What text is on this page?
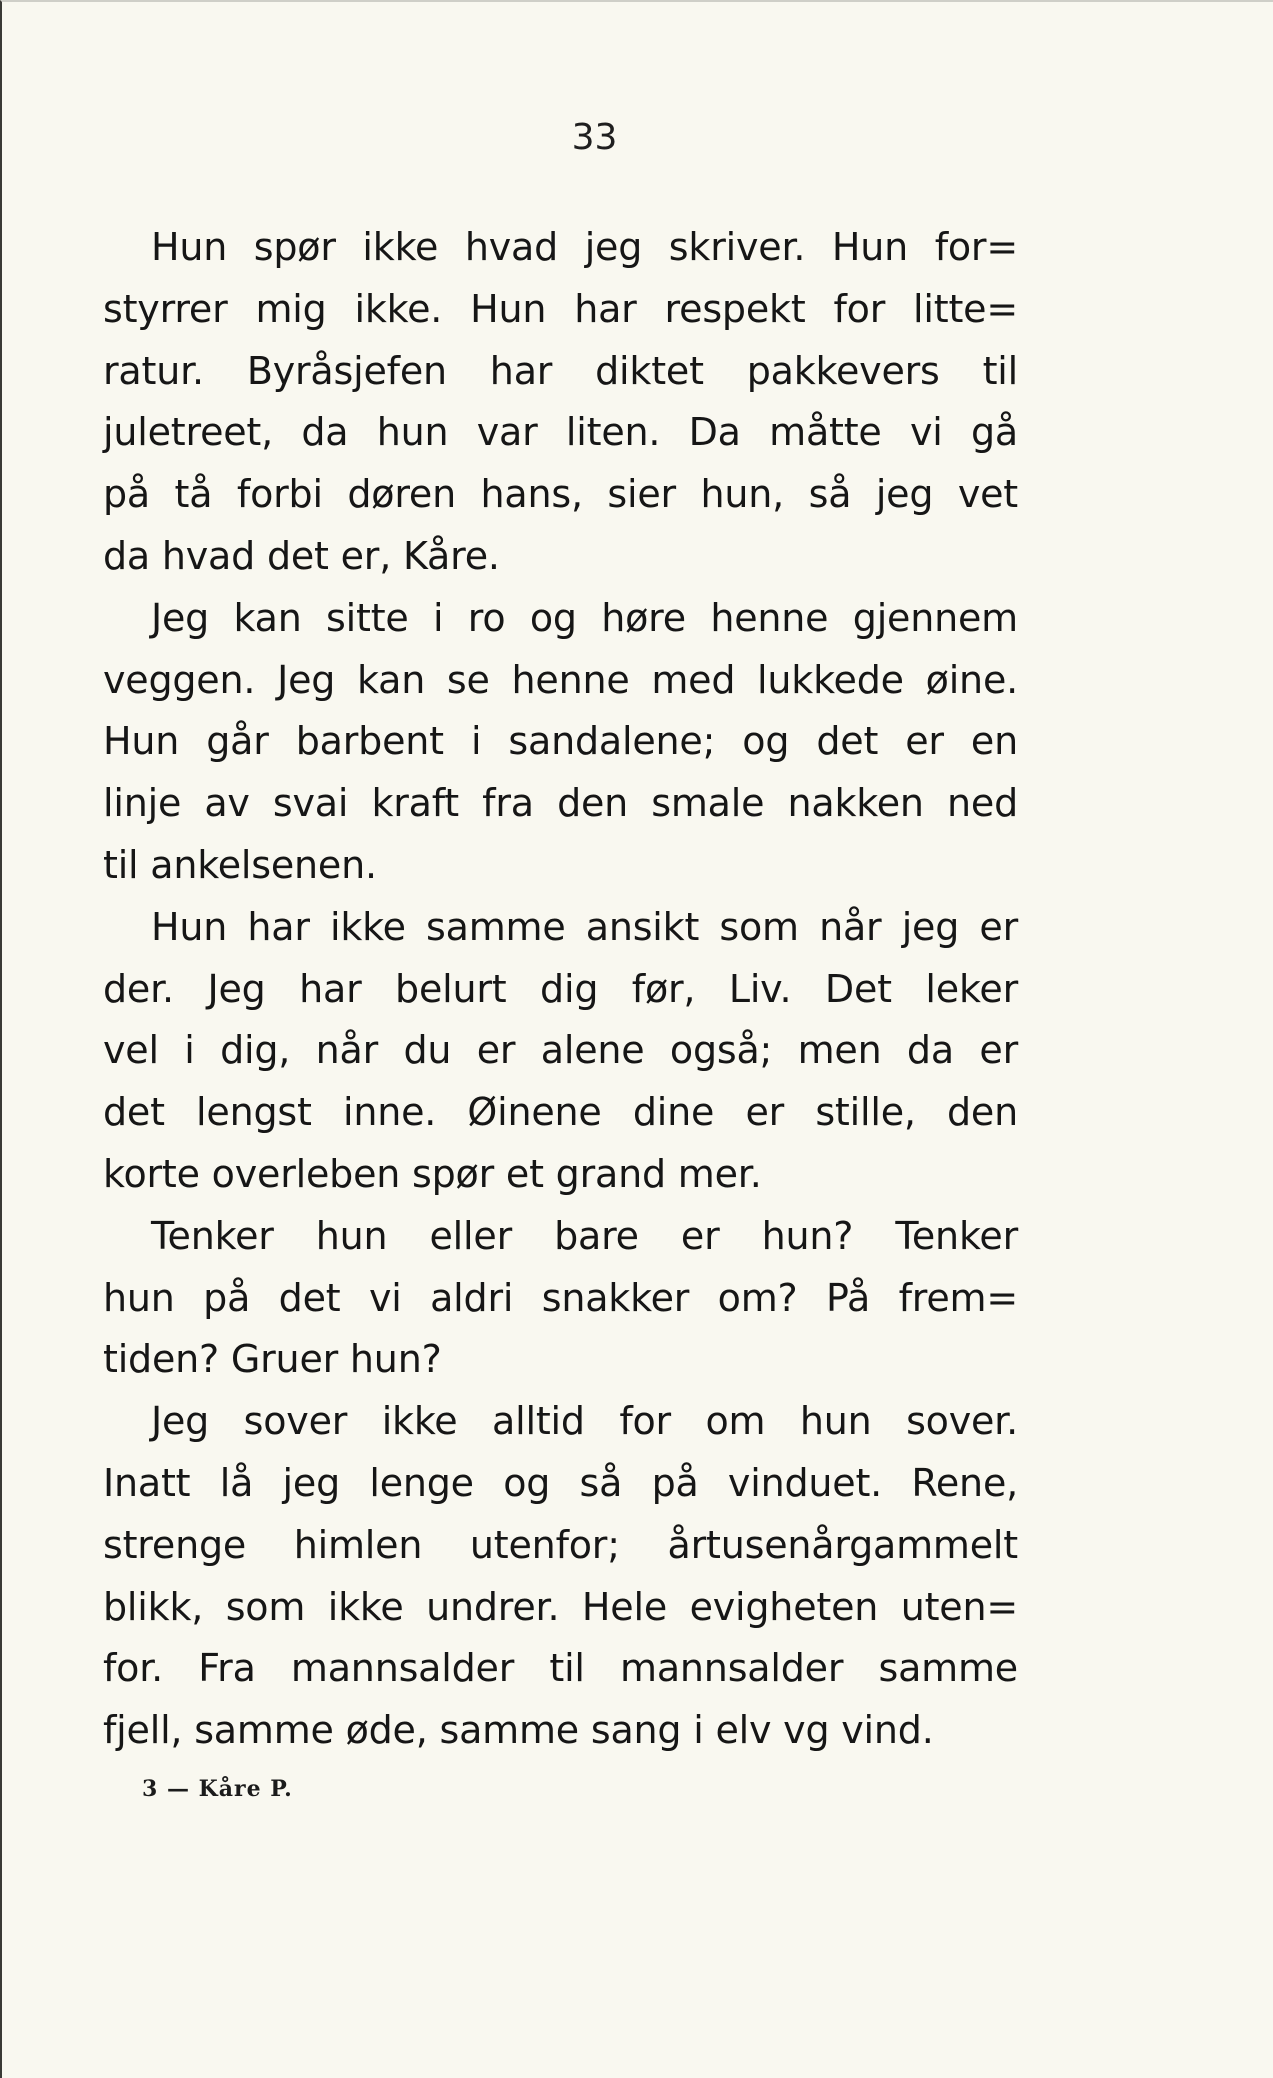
33
Hun spør ikke hvad jeg skriver. Hun for=
styrrer mig ikke. Hun har respekt for litte=
ratur. Byråsjefen har diktet pakkevers til
juletreet, da hun var liten. Da måtte vi gå
på tå forbi døren hans, sier hun, så jeg vet
da hvad det er, Kåre.
Jeg kan sitte i ro og høre henne gjennem
veggen. Jeg kan se henne med lukkede øine.
Hun går barbent i sandalene; og det er en
linje av svai kraft fra den smale nakken ned
til ankelsenen.
Hun har ikke samme ansikt som når jeg er
der. Jeg har belurt dig før, Liv. Det leker
vel i dig, når du er alene også; men da er
det lengst inne. Øinene dine er stille, den
korte overleben spør et grand mer.
Tenker hun eller bare er hun? Tenker
hun på det vi aldri snakker om? På frem=
tiden? Gruer hun?
Jeg sover ikke alltid for om hun sover.
Inatt lå jeg lenge og så på vinduet. Rene,
strenge himlen utenfor; årtusenårgammelt
blikk, som ikke undrer. Hele evigheten uten=
for. Fra mannsalder til mannsalder samme
fjell, samme øde, samme sang i elv vg vind.
3 — Kåre P.
